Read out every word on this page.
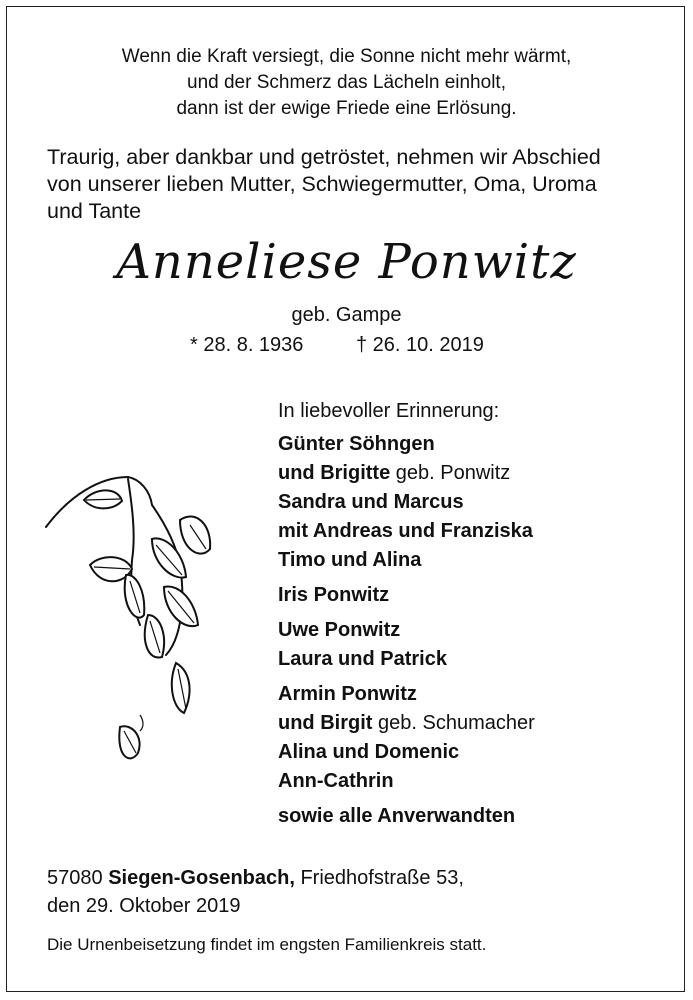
Wenn die Kraft versiegt, die Sonne nicht mehr wärmt,
und der Schmerz das Lächeln einholt,
dann ist der ewige Friede eine Erlösung.
Traurig, aber dankbar und getröstet, nehmen wir Abschied
von unserer lieben Mutter, Schwiegermutter, Oma, Uroma
und Tante
Anneliese Ponwitz
geb. Gampe
* 28. 8. 1936	† 26. 10. 2019
In liebevoller Erinnerung:
Günter Söhngen
und Brigitte geb. Ponwitz
Sandra und Marcus
mit Andreas und Franziska
Timo und Alina
Iris Ponwitz
Uwe Ponwitz
Laura und Patrick
Armin Ponwitz
und Birgit geb. Schumacher
Alina und Domenic
Ann-Cathrin
sowie alle Anverwandten
57080 Siegen-Gosenbach, Friedhofstraße 53,
den 29. Oktober 2019
Die Urnenbeisetzung findet im engsten Familienkreis statt.
